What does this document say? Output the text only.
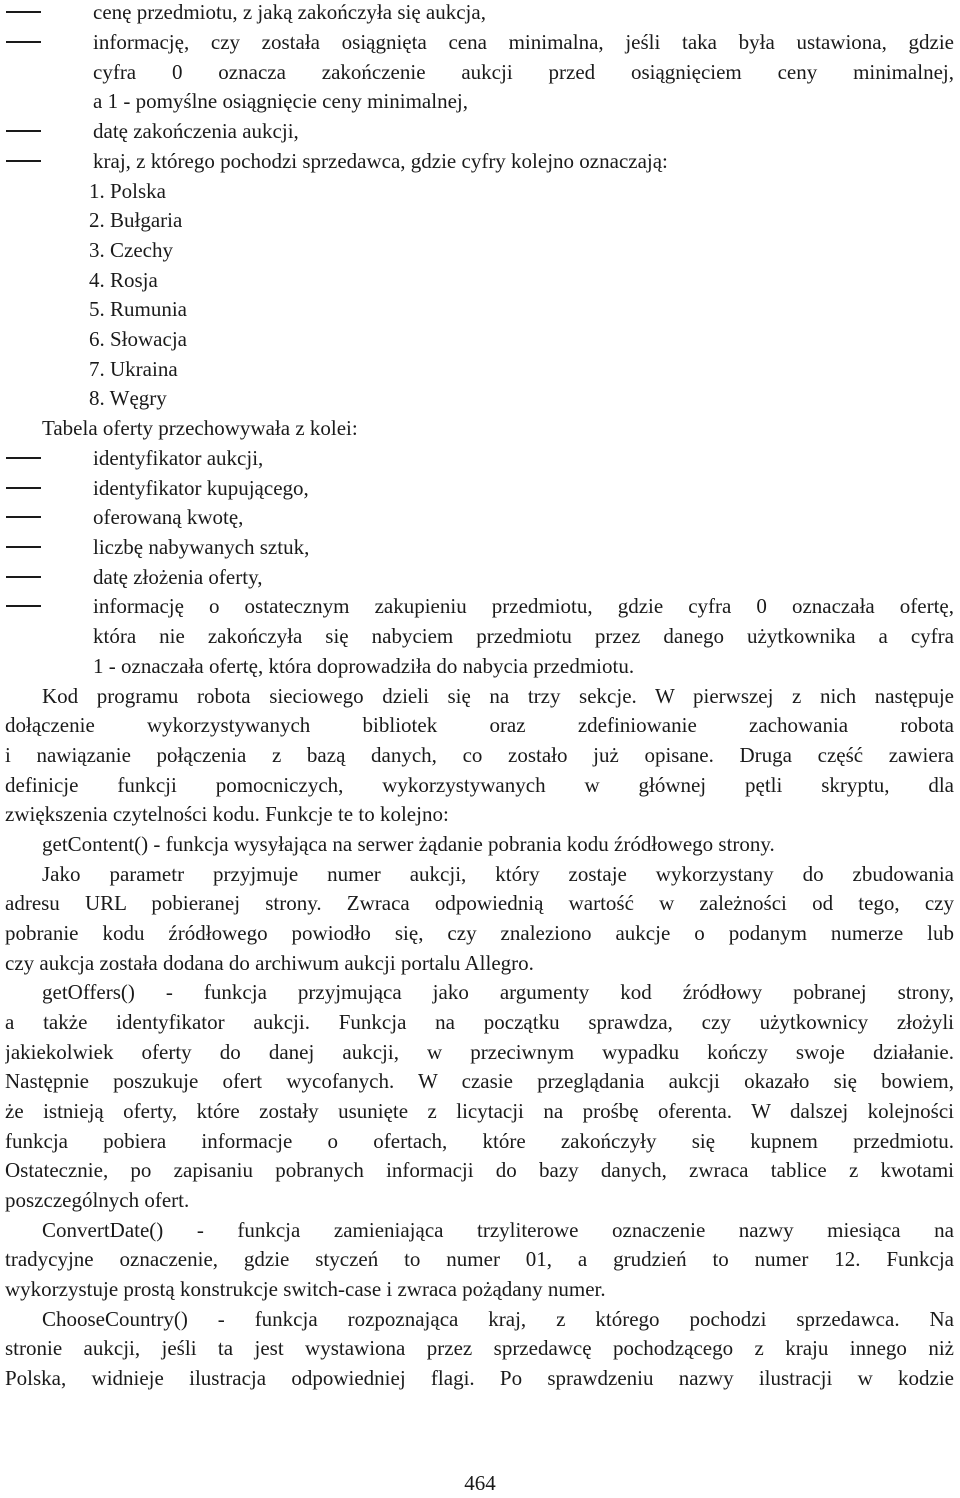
cenę przedmiotu, z jaką zakończyła się aukcja,
informację, czy została osiągnięta cena minimalna, jeśli taka była ustawiona, gdzie
cyfra 0 oznacza zakończenie aukcji przed osiągnięciem ceny minimalnej,
a 1 - pomyślne osiągnięcie ceny minimalnej,
datę zakończenia aukcji,
kraj, z którego pochodzi sprzedawca, gdzie cyfry kolejno oznaczają:
1. Polska
2. Bułgaria
3. Czechy
4. Rosja
5. Rumunia
6. Słowacja
7. Ukraina
8. Węgry
Tabela oferty przechowywała z kolei:
identyfikator aukcji,
identyfikator kupującego,
oferowaną kwotę,
liczbę nabywanych sztuk,
datę złożenia oferty,
informację o ostatecznym zakupieniu przedmiotu, gdzie cyfra 0 oznaczała ofertę,
która nie zakończyła się nabyciem przedmiotu przez danego użytkownika a cyfra
1 - oznaczała ofertę, która doprowadziła do nabycia przedmiotu.
Kod programu robota sieciowego dzieli się na trzy sekcje. W pierwszej z nich następuje
dołączenie wykorzystywanych bibliotek oraz zdefiniowanie zachowania robota
i nawiązanie połączenia z bazą danych, co zostało już opisane. Druga część zawiera
definicje funkcji pomocniczych, wykorzystywanych w głównej pętli skryptu, dla
zwiększenia czytelności kodu. Funkcje te to kolejno:
getContent() - funkcja wysyłająca na serwer żądanie pobrania kodu źródłowego strony.
Jako parametr przyjmuje numer aukcji, który zostaje wykorzystany do zbudowania
adresu URL pobieranej strony. Zwraca odpowiednią wartość w zależności od tego, czy
pobranie kodu źródłowego powiodło się, czy znaleziono aukcje o podanym numerze lub
czy aukcja została dodana do archiwum aukcji portalu Allegro.
getOffers() - funkcja przyjmująca jako argumenty kod źródłowy pobranej strony,
a także identyfikator aukcji. Funkcja na początku sprawdza, czy użytkownicy złożyli
jakiekolwiek oferty do danej aukcji, w przeciwnym wypadku kończy swoje działanie.
Następnie poszukuje ofert wycofanych. W czasie przeglądania aukcji okazało się bowiem,
że istnieją oferty, które zostały usunięte z licytacji na prośbę oferenta. W dalszej kolejności
funkcja pobiera informacje o ofertach, które zakończyły się kupnem przedmiotu.
Ostatecznie, po zapisaniu pobranych informacji do bazy danych, zwraca tablice z kwotami
poszczególnych ofert.
ConvertDate() - funkcja zamieniająca trzyliterowe oznaczenie nazwy miesiąca na
tradycyjne oznaczenie, gdzie styczeń to numer 01, a grudzień to numer 12. Funkcja
wykorzystuje prostą konstrukcje switch-case i zwraca pożądany numer.
ChooseCountry() - funkcja rozpoznająca kraj, z którego pochodzi sprzedawca. Na
stronie aukcji, jeśli ta jest wystawiona przez sprzedawcę pochodzącego z kraju innego niż
Polska, widnieje ilustracja odpowiedniej flagi. Po sprawdzeniu nazwy ilustracji w kodzie
464
